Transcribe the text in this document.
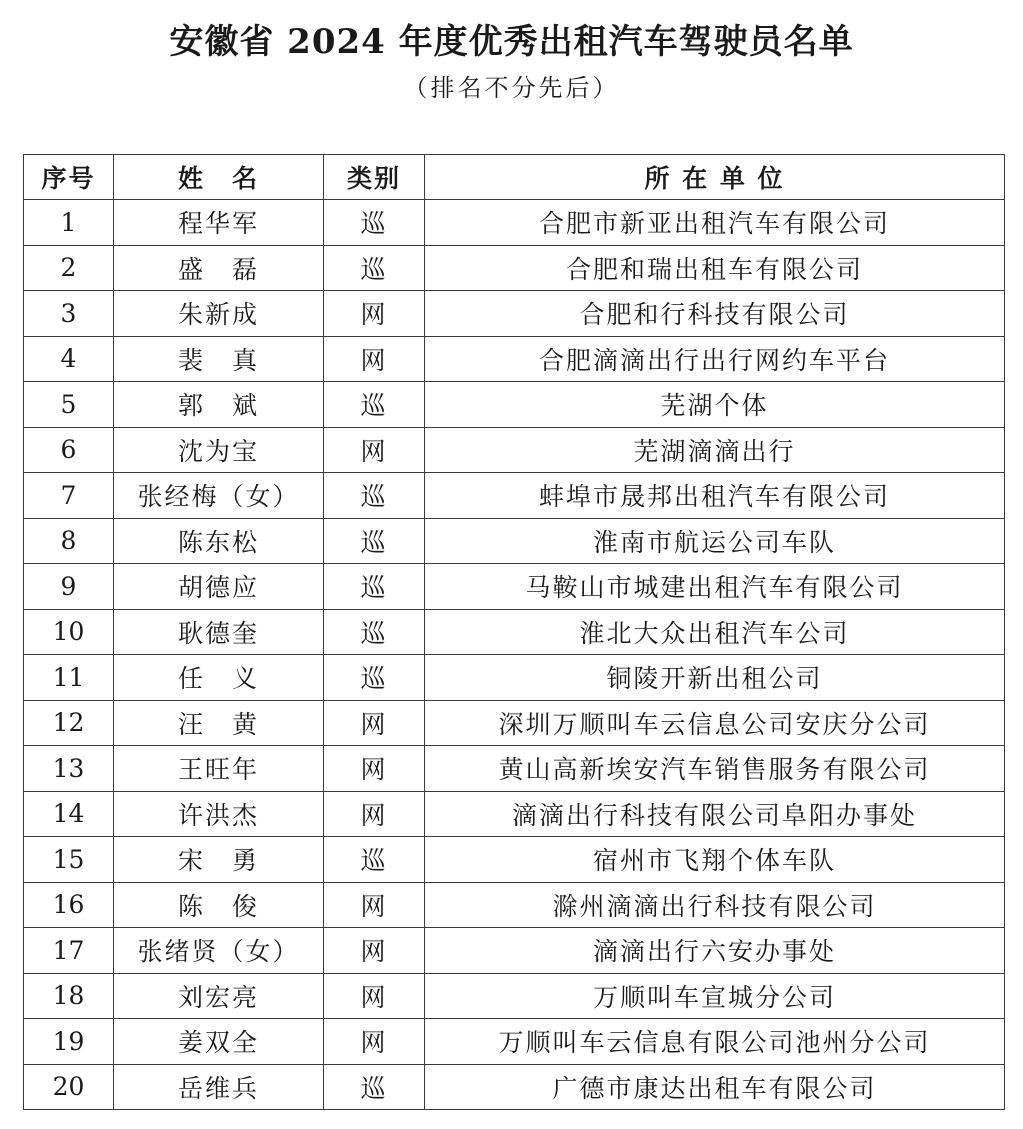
安徽省 2024 年度优秀出租汽车驾驶员名单
（排名不分先后）
序号	姓　名	类别	所 在 单 位
1	程华军	巡	合肥市新亚出租汽车有限公司
2	盛　磊	巡	合肥和瑞出租车有限公司
3	朱新成	网	合肥和行科技有限公司
4	裴　真	网	合肥滴滴出行出行网约车平台
5	郭　斌	巡	芜湖个体
6	沈为宝	网	芜湖滴滴出行
7	张经梅（女）	巡	蚌埠市晟邦出租汽车有限公司
8	陈东松	巡	淮南市航运公司车队
9	胡德应	巡	马鞍山市城建出租汽车有限公司
10	耿德奎	巡	淮北大众出租汽车公司
11	任　义	巡	铜陵开新出租公司
12	汪　黄	网	深圳万顺叫车云信息公司安庆分公司
13	王旺年	网	黄山高新埃安汽车销售服务有限公司
14	许洪杰	网	滴滴出行科技有限公司阜阳办事处
15	宋　勇	巡	宿州市飞翔个体车队
16	陈　俊	网	滁州滴滴出行科技有限公司
17	张绪贤（女）	网	滴滴出行六安办事处
18	刘宏亮	网	万顺叫车宣城分公司
19	姜双全	网	万顺叫车云信息有限公司池州分公司
20	岳维兵	巡	广德市康达出租车有限公司
